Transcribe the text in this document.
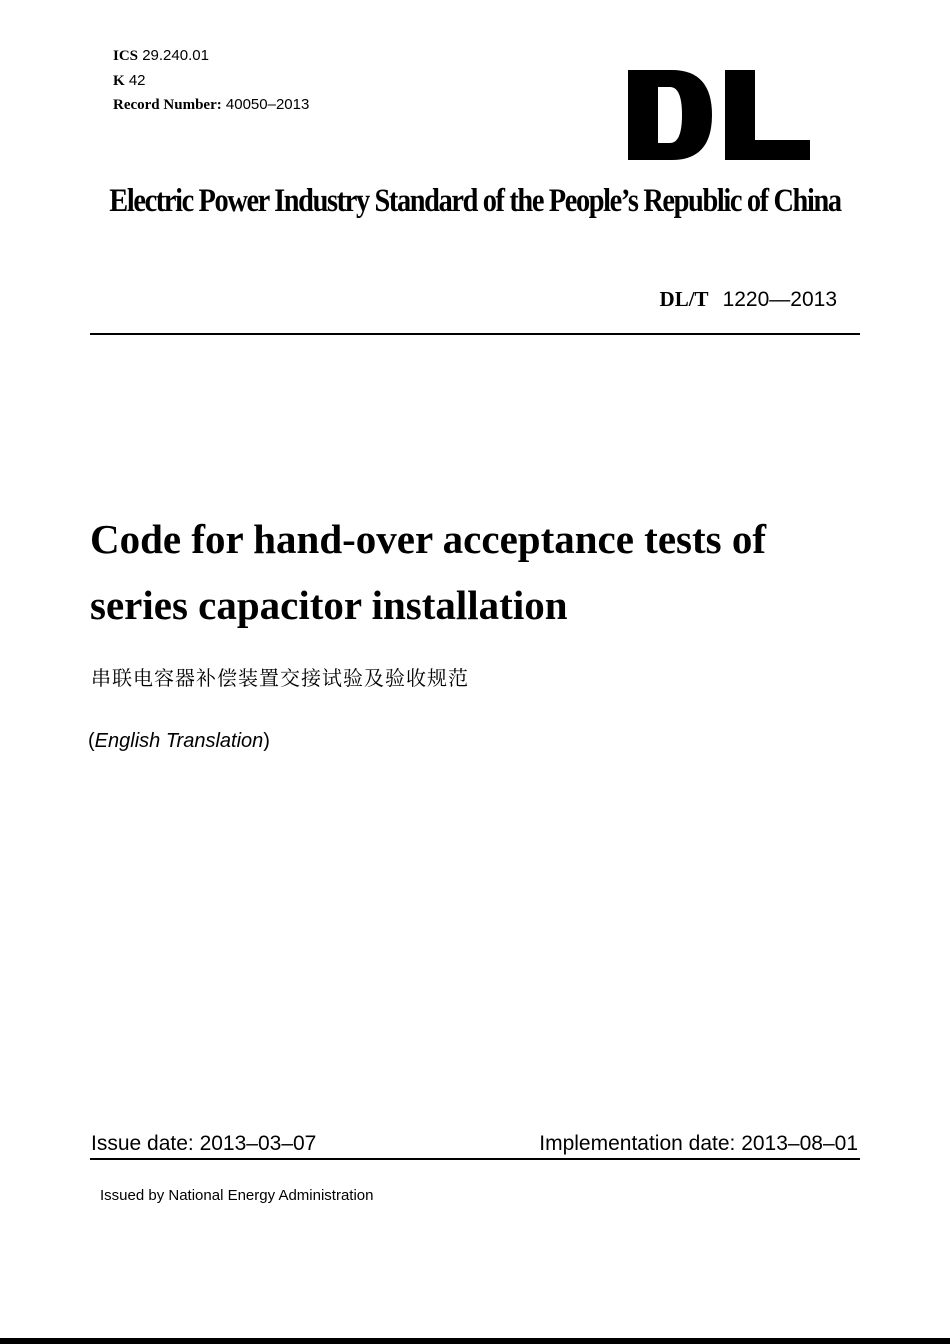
ICS 29.240.01
K 42
Record Number: 40050–2013
Electric Power Industry Standard of the People’s Republic of China
DL/T 1220—2013
Code for hand-over acceptance tests of
series capacitor installation
串联电容器补偿装置交接试验及验收规范
(English Translation)
Issue date: 2013–03–07	Implementation date: 2013–08–01
Issued by National Energy Administration
